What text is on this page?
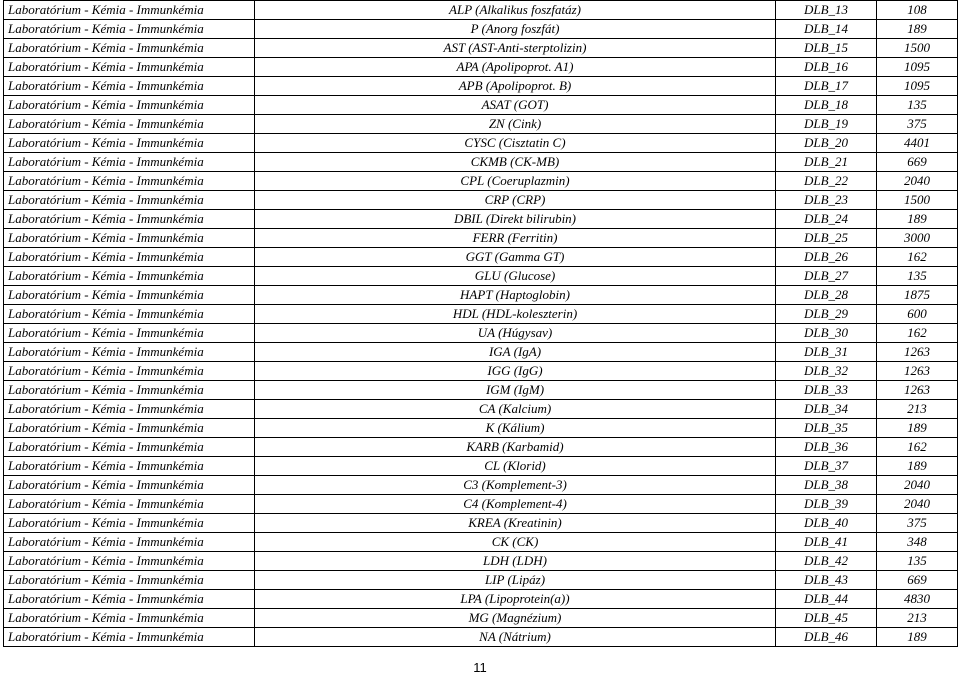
Laboratórium - Kémia - Immunkémia	ALP (Alkalikus foszfatáz)	DLB_13	108
Laboratórium - Kémia - Immunkémia	P (Anorg foszfát)	DLB_14	189
Laboratórium - Kémia - Immunkémia	AST (AST-Anti-sterptolizin)	DLB_15	1500
Laboratórium - Kémia - Immunkémia	APA (Apolipoprot. A1)	DLB_16	1095
Laboratórium - Kémia - Immunkémia	APB (Apolipoprot. B)	DLB_17	1095
Laboratórium - Kémia - Immunkémia	ASAT (GOT)	DLB_18	135
Laboratórium - Kémia - Immunkémia	ZN (Cink)	DLB_19	375
Laboratórium - Kémia - Immunkémia	CYSC (Cisztatin C)	DLB_20	4401
Laboratórium - Kémia - Immunkémia	CKMB (CK-MB)	DLB_21	669
Laboratórium - Kémia - Immunkémia	CPL (Coeruplazmin)	DLB_22	2040
Laboratórium - Kémia - Immunkémia	CRP (CRP)	DLB_23	1500
Laboratórium - Kémia - Immunkémia	DBIL (Direkt bilirubin)	DLB_24	189
Laboratórium - Kémia - Immunkémia	FERR (Ferritin)	DLB_25	3000
Laboratórium - Kémia - Immunkémia	GGT (Gamma GT)	DLB_26	162
Laboratórium - Kémia - Immunkémia	GLU (Glucose)	DLB_27	135
Laboratórium - Kémia - Immunkémia	HAPT (Haptoglobin)	DLB_28	1875
Laboratórium - Kémia - Immunkémia	HDL (HDL-koleszterin)	DLB_29	600
Laboratórium - Kémia - Immunkémia	UA (Húgysav)	DLB_30	162
Laboratórium - Kémia - Immunkémia	IGA (IgA)	DLB_31	1263
Laboratórium - Kémia - Immunkémia	IGG (IgG)	DLB_32	1263
Laboratórium - Kémia - Immunkémia	IGM (IgM)	DLB_33	1263
Laboratórium - Kémia - Immunkémia	CA (Kalcium)	DLB_34	213
Laboratórium - Kémia - Immunkémia	K (Kálium)	DLB_35	189
Laboratórium - Kémia - Immunkémia	KARB (Karbamid)	DLB_36	162
Laboratórium - Kémia - Immunkémia	CL (Klorid)	DLB_37	189
Laboratórium - Kémia - Immunkémia	C3 (Komplement-3)	DLB_38	2040
Laboratórium - Kémia - Immunkémia	C4 (Komplement-4)	DLB_39	2040
Laboratórium - Kémia - Immunkémia	KREA (Kreatinin)	DLB_40	375
Laboratórium - Kémia - Immunkémia	CK (CK)	DLB_41	348
Laboratórium - Kémia - Immunkémia	LDH (LDH)	DLB_42	135
Laboratórium - Kémia - Immunkémia	LIP (Lipáz)	DLB_43	669
Laboratórium - Kémia - Immunkémia	LPA (Lipoprotein(a))	DLB_44	4830
Laboratórium - Kémia - Immunkémia	MG (Magnézium)	DLB_45	213
Laboratórium - Kémia - Immunkémia	NA (Nátrium)	DLB_46	189
11
